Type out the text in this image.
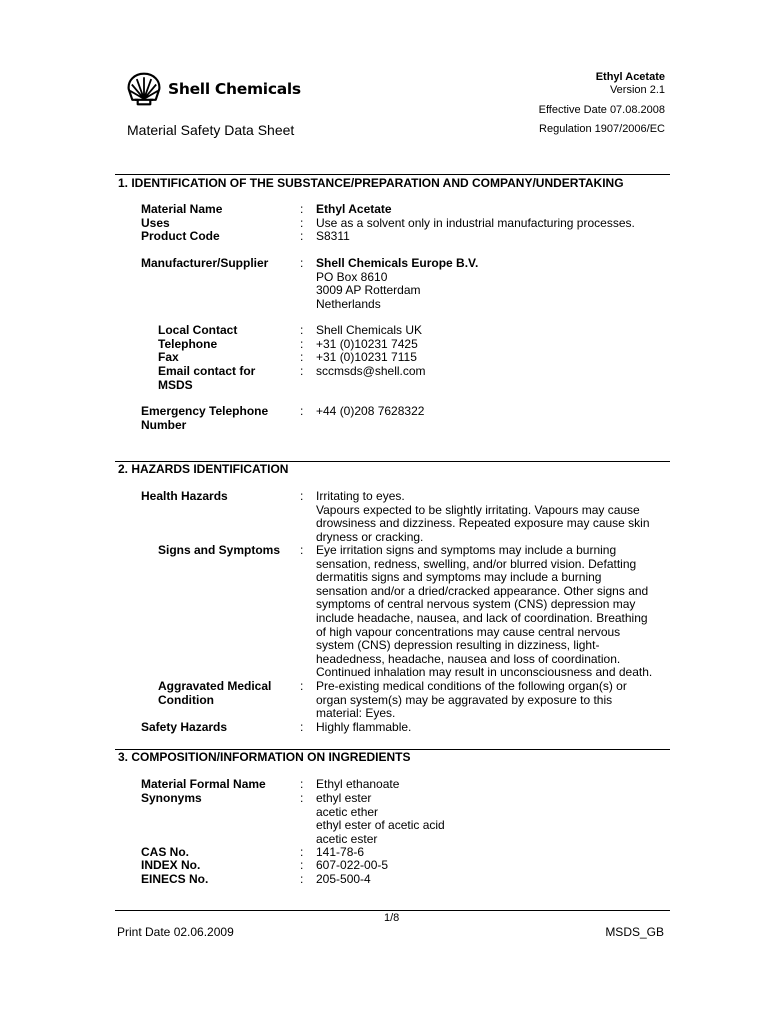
Shell Chemicals
Material Safety Data Sheet
Ethyl Acetate
Version 2.1
Effective Date 07.08.2008
Regulation 1907/2006/EC
1. IDENTIFICATION OF THE SUBSTANCE/PREPARATION AND COMPANY/UNDERTAKING
Material Name	: Ethyl Acetate
Uses	: Use as a solvent only in industrial manufacturing processes.
Product Code	: S8311
Manufacturer/Supplier	: Shell Chemicals Europe B.V.
PO Box 8610
3009 AP Rotterdam
Netherlands
Local Contact	: Shell Chemicals UK
Telephone	: +31 (0)10231 7425
Fax	: +31 (0)10231 7115
Email contact for
MSDS
: sccmsds@shell.com
Emergency Telephone
Number
: +44 (0)208 7628322
2. HAZARDS IDENTIFICATION
Health Hazards	: Irritating to eyes.
Vapours expected to be slightly irritating. Vapours may cause
drowsiness and dizziness. Repeated exposure may cause skin
dryness or cracking.
Signs and Symptoms	: Eye irritation signs and symptoms may include a burning
sensation, redness, swelling, and/or blurred vision. Defatting
dermatitis signs and symptoms may include a burning
sensation and/or a dried/cracked appearance. Other signs and
symptoms of central nervous system (CNS) depression may
include headache, nausea, and lack of coordination. Breathing
of high vapour concentrations may cause central nervous
system (CNS) depression resulting in dizziness, light-
headedness, headache, nausea and loss of coordination.
Continued inhalation may result in unconsciousness and death.
Aggravated Medical
Condition
: Pre-existing medical conditions of the following organ(s) or
organ system(s) may be aggravated by exposure to this
material: Eyes.
Safety Hazards	: Highly flammable.
3. COMPOSITION/INFORMATION ON INGREDIENTS
Material Formal Name	: Ethyl ethanoate
Synonyms	: ethyl ester
acetic ether
ethyl ester of acetic acid
acetic ester
CAS No.	: 141-78-6
INDEX No.	: 607-022-00-5
EINECS No.	: 205-500-4
1/8
Print Date 02.06.2009	MSDS_GB
